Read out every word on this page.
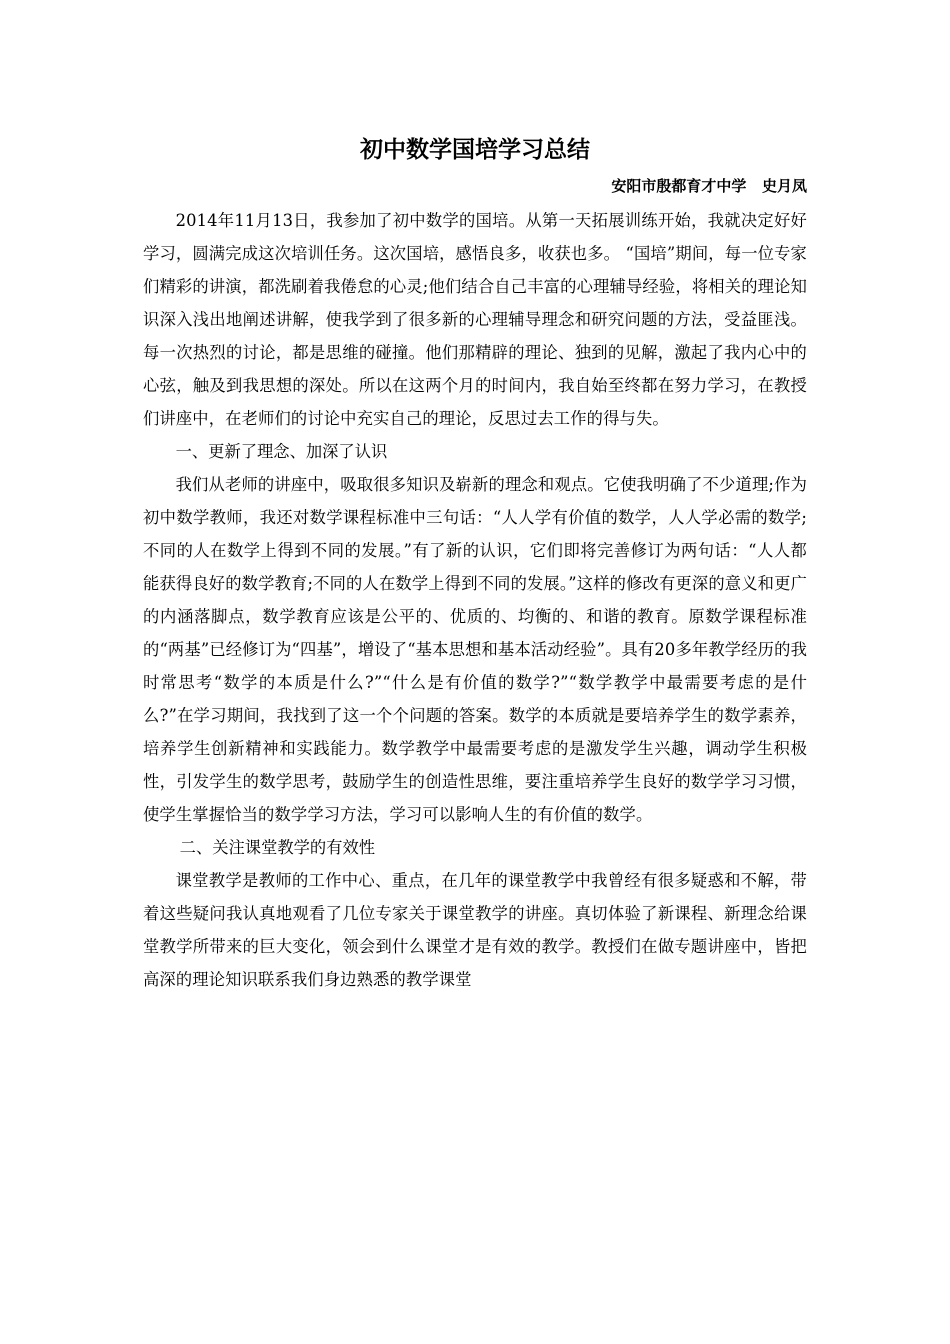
初中数学国培学习总结
安阳市殷都育才中学   史月凤

2014年11月13日，我参加了初中数学的国培。从第一天拓展训练开始，我就决定好好学习，圆满完成这次培训任务。这次国培，感悟良多，收获也多。 “国培”期间，每一位专家们精彩的讲演，都洗刷着我倦怠的心灵;他们结合自己丰富的心理辅导经验，将相关的理论知识深入浅出地阐述讲解，使我学到了很多新的心理辅导理念和研究问题的方法，受益匪浅。每一次热烈的讨论，都是思维的碰撞。他们那精辟的理论、独到的见解，激起了我内心中的心弦，触及到我思想的深处。所以在这两个月的时间内，我自始至终都在努力学习，在教授们讲座中，在老师们的讨论中充实自己的理论，反思过去工作的得与失。

一、更新了理念、加深了认识

我们从老师的讲座中，吸取很多知识及崭新的理念和观点。它使我明确了不少道理;作为初中数学教师，我还对数学课程标准中三句话：“人人学有价值的数学，人人学必需的数学;不同的人在数学上得到不同的发展。”有了新的认识，它们即将完善修订为两句话：“人人都能获得良好的数学教育;不同的人在数学上得到不同的发展。”这样的修改有更深的意义和更广的内涵落脚点，数学教育应该是公平的、优质的、均衡的、和谐的教育。原数学课程标准的“两基”已经修订为“四基”，增设了“基本思想和基本活动经验”。具有20多年教学经历的我时常思考“数学的本质是什么?”“什么是有价值的数学?”“数学教学中最需要考虑的是什么?”在学习期间，我找到了这一个个问题的答案。数学的本质就是要培养学生的数学素养，培养学生创新精神和实践能力。数学教学中最需要考虑的是激发学生兴趣，调动学生积极性，引发学生的数学思考，鼓励学生的创造性思维，要注重培养学生良好的数学学习习惯，使学生掌握恰当的数学学习方法，学习可以影响人生的有价值的数学。

二、关注课堂教学的有效性

课堂教学是教师的工作中心、重点，在几年的课堂教学中我曾经有很多疑惑和不解，带着这些疑问我认真地观看了几位专家关于课堂教学的讲座。真切体验了新课程、新理念给课堂教学所带来的巨大变化，领会到什么课堂才是有效的教学。教授们在做专题讲座中，皆把高深的理论知识联系我们身边熟悉的教学课堂
